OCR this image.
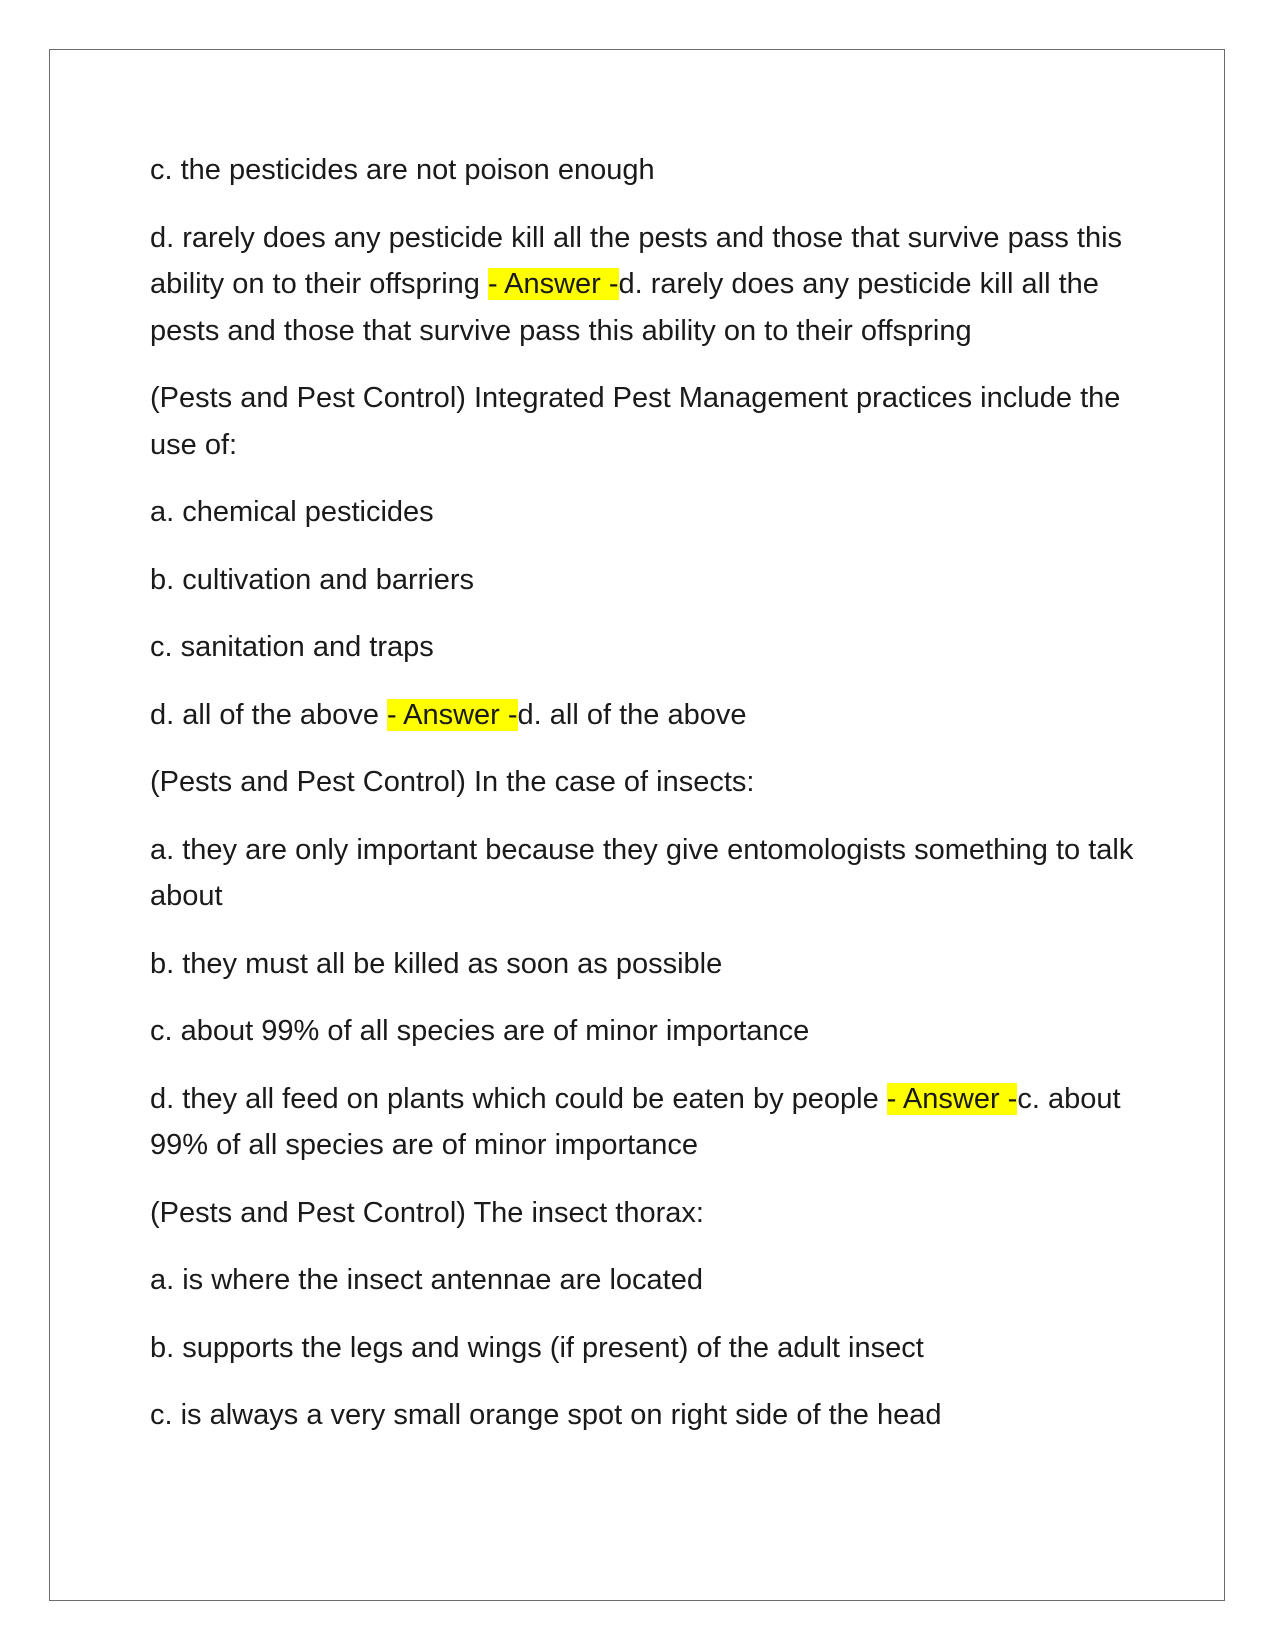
c. the pesticides are not poison enough

d. rarely does any pesticide kill all the pests and those that survive pass this ability on to their offspring - Answer -d. rarely does any pesticide kill all the pests and those that survive pass this ability on to their offspring

(Pests and Pest Control) Integrated Pest Management practices include the use of:

a. chemical pesticides

b. cultivation and barriers

c. sanitation and traps

d. all of the above - Answer -d. all of the above

(Pests and Pest Control) In the case of insects:

a. they are only important because they give entomologists something to talk about

b. they must all be killed as soon as possible

c. about 99% of all species are of minor importance

d. they all feed on plants which could be eaten by people - Answer -c. about 99% of all species are of minor importance

(Pests and Pest Control) The insect thorax:

a. is where the insect antennae are located

b. supports the legs and wings (if present) of the adult insect

c. is always a very small orange spot on right side of the head
